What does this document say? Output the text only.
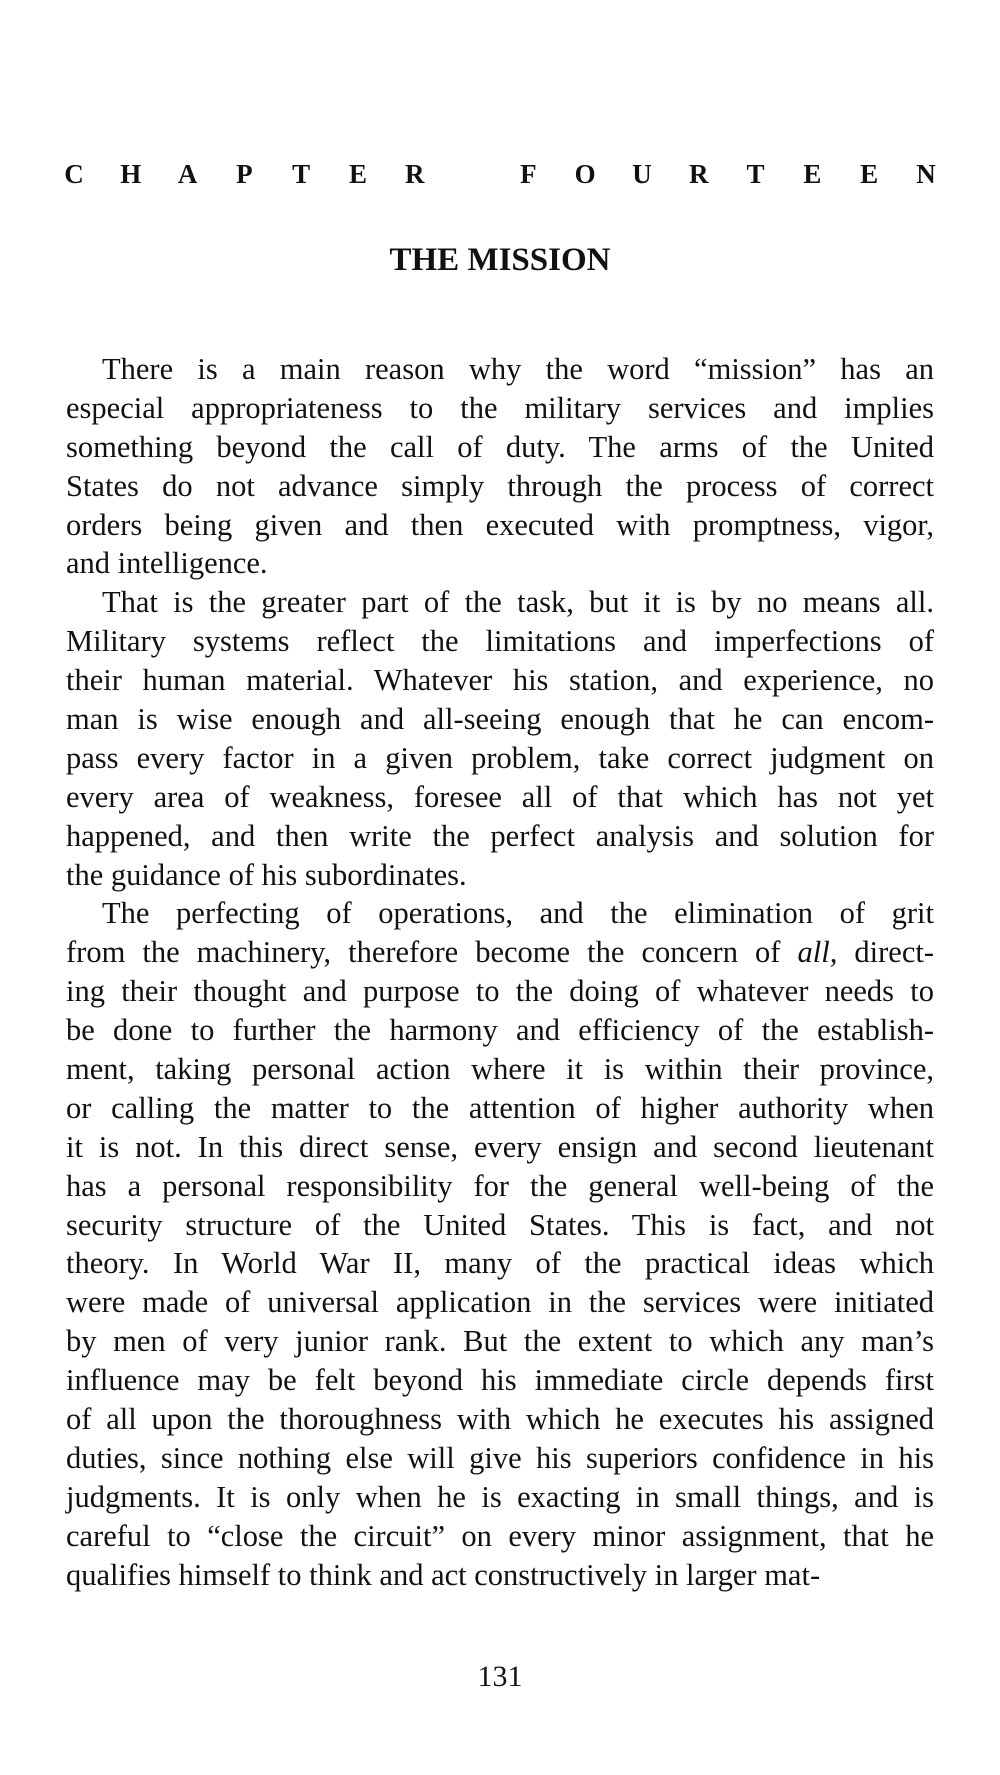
C H A P T E R	F O U R T E E N
THE MISSION
There is a main reason why the word “mission” has an
especial appropriateness to the military services and implies
something beyond the call of duty. The arms of the United
States do not advance simply through the process of correct
orders being given and then executed with promptness, vigor,
and intelligence.
That is the greater part of the task, but it is by no means all.
Military systems reflect the limitations and imperfections of
their human material. Whatever his station, and experience, no
man is wise enough and all-seeing enough that he can encom-
pass every factor in a given problem, take correct judgment on
every area of weakness, foresee all of that which has not yet
happened, and then write the perfect analysis and solution for
the guidance of his subordinates.
The perfecting of operations, and the elimination of grit
from the machinery, therefore become the concern of all, direct-
ing their thought and purpose to the doing of whatever needs to
be done to further the harmony and efficiency of the establish-
ment, taking personal action where it is within their province,
or calling the matter to the attention of higher authority when
it is not. In this direct sense, every ensign and second lieutenant
has a personal responsibility for the general well-being of the
security structure of the United States. This is fact, and not
theory. In World War II, many of the practical ideas which
were made of universal application in the services were initiated
by men of very junior rank. But the extent to which any man’s
influence may be felt beyond his immediate circle depends first
of all upon the thoroughness with which he executes his assigned
duties, since nothing else will give his superiors confidence in his
judgments. It is only when he is exacting in small things, and is
careful to “close the circuit” on every minor assignment, that he
qualifies himself to think and act constructively in larger mat-
131
